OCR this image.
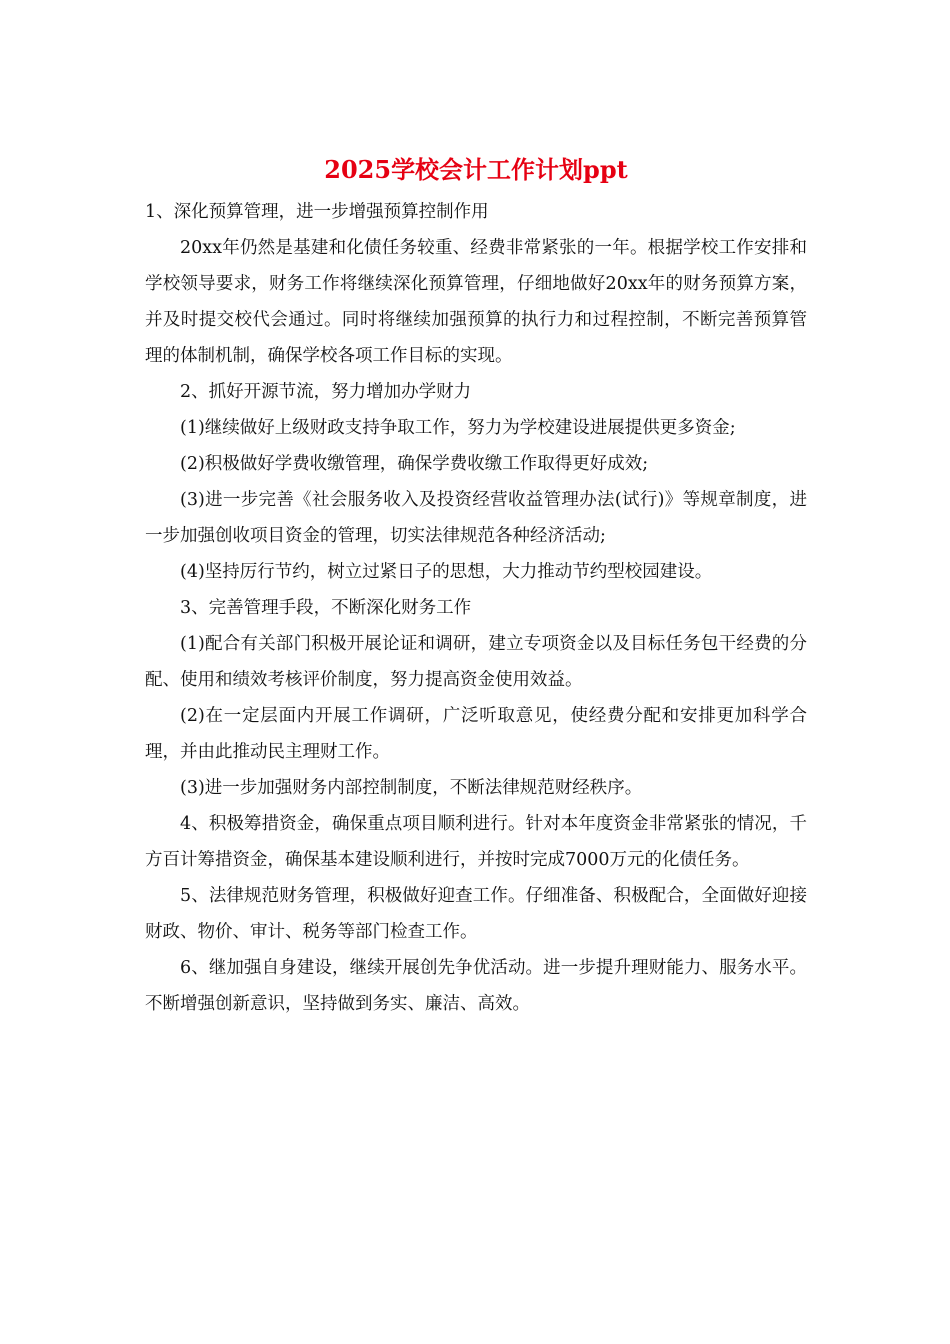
2025学校会计工作计划ppt

1、深化预算管理，进一步增强预算控制作用

20xx年仍然是基建和化债任务较重、经费非常紧张的一年。根据学校工作安排和学校领导要求，财务工作将继续深化预算管理，仔细地做好20xx年的财务预算方案，并及时提交校代会通过。同时将继续加强预算的执行力和过程控制，不断完善预算管理的体制机制，确保学校各项工作目标的实现。

2、抓好开源节流，努力增加办学财力

(1)继续做好上级财政支持争取工作，努力为学校建设进展提供更多资金;

(2)积极做好学费收缴管理，确保学费收缴工作取得更好成效;

(3)进一步完善《社会服务收入及投资经营收益管理办法(试行)》等规章制度，进一步加强创收项目资金的管理，切实法律规范各种经济活动;

(4)坚持厉行节约，树立过紧日子的思想，大力推动节约型校园建设。

3、完善管理手段，不断深化财务工作

(1)配合有关部门积极开展论证和调研，建立专项资金以及目标任务包干经费的分配、使用和绩效考核评价制度，努力提高资金使用效益。

(2)在一定层面内开展工作调研，广泛听取意见，使经费分配和安排更加科学合理，并由此推动民主理财工作。

(3)进一步加强财务内部控制制度，不断法律规范财经秩序。

4、积极筹措资金，确保重点项目顺利进行。针对本年度资金非常紧张的情况，千方百计筹措资金，确保基本建设顺利进行，并按时完成7000万元的化债任务。

5、法律规范财务管理，积极做好迎查工作。仔细准备、积极配合，全面做好迎接财政、物价、审计、税务等部门检查工作。

6、继加强自身建设，继续开展创先争优活动。进一步提升理财能力、服务水平。不断增强创新意识，坚持做到务实、廉洁、高效。
